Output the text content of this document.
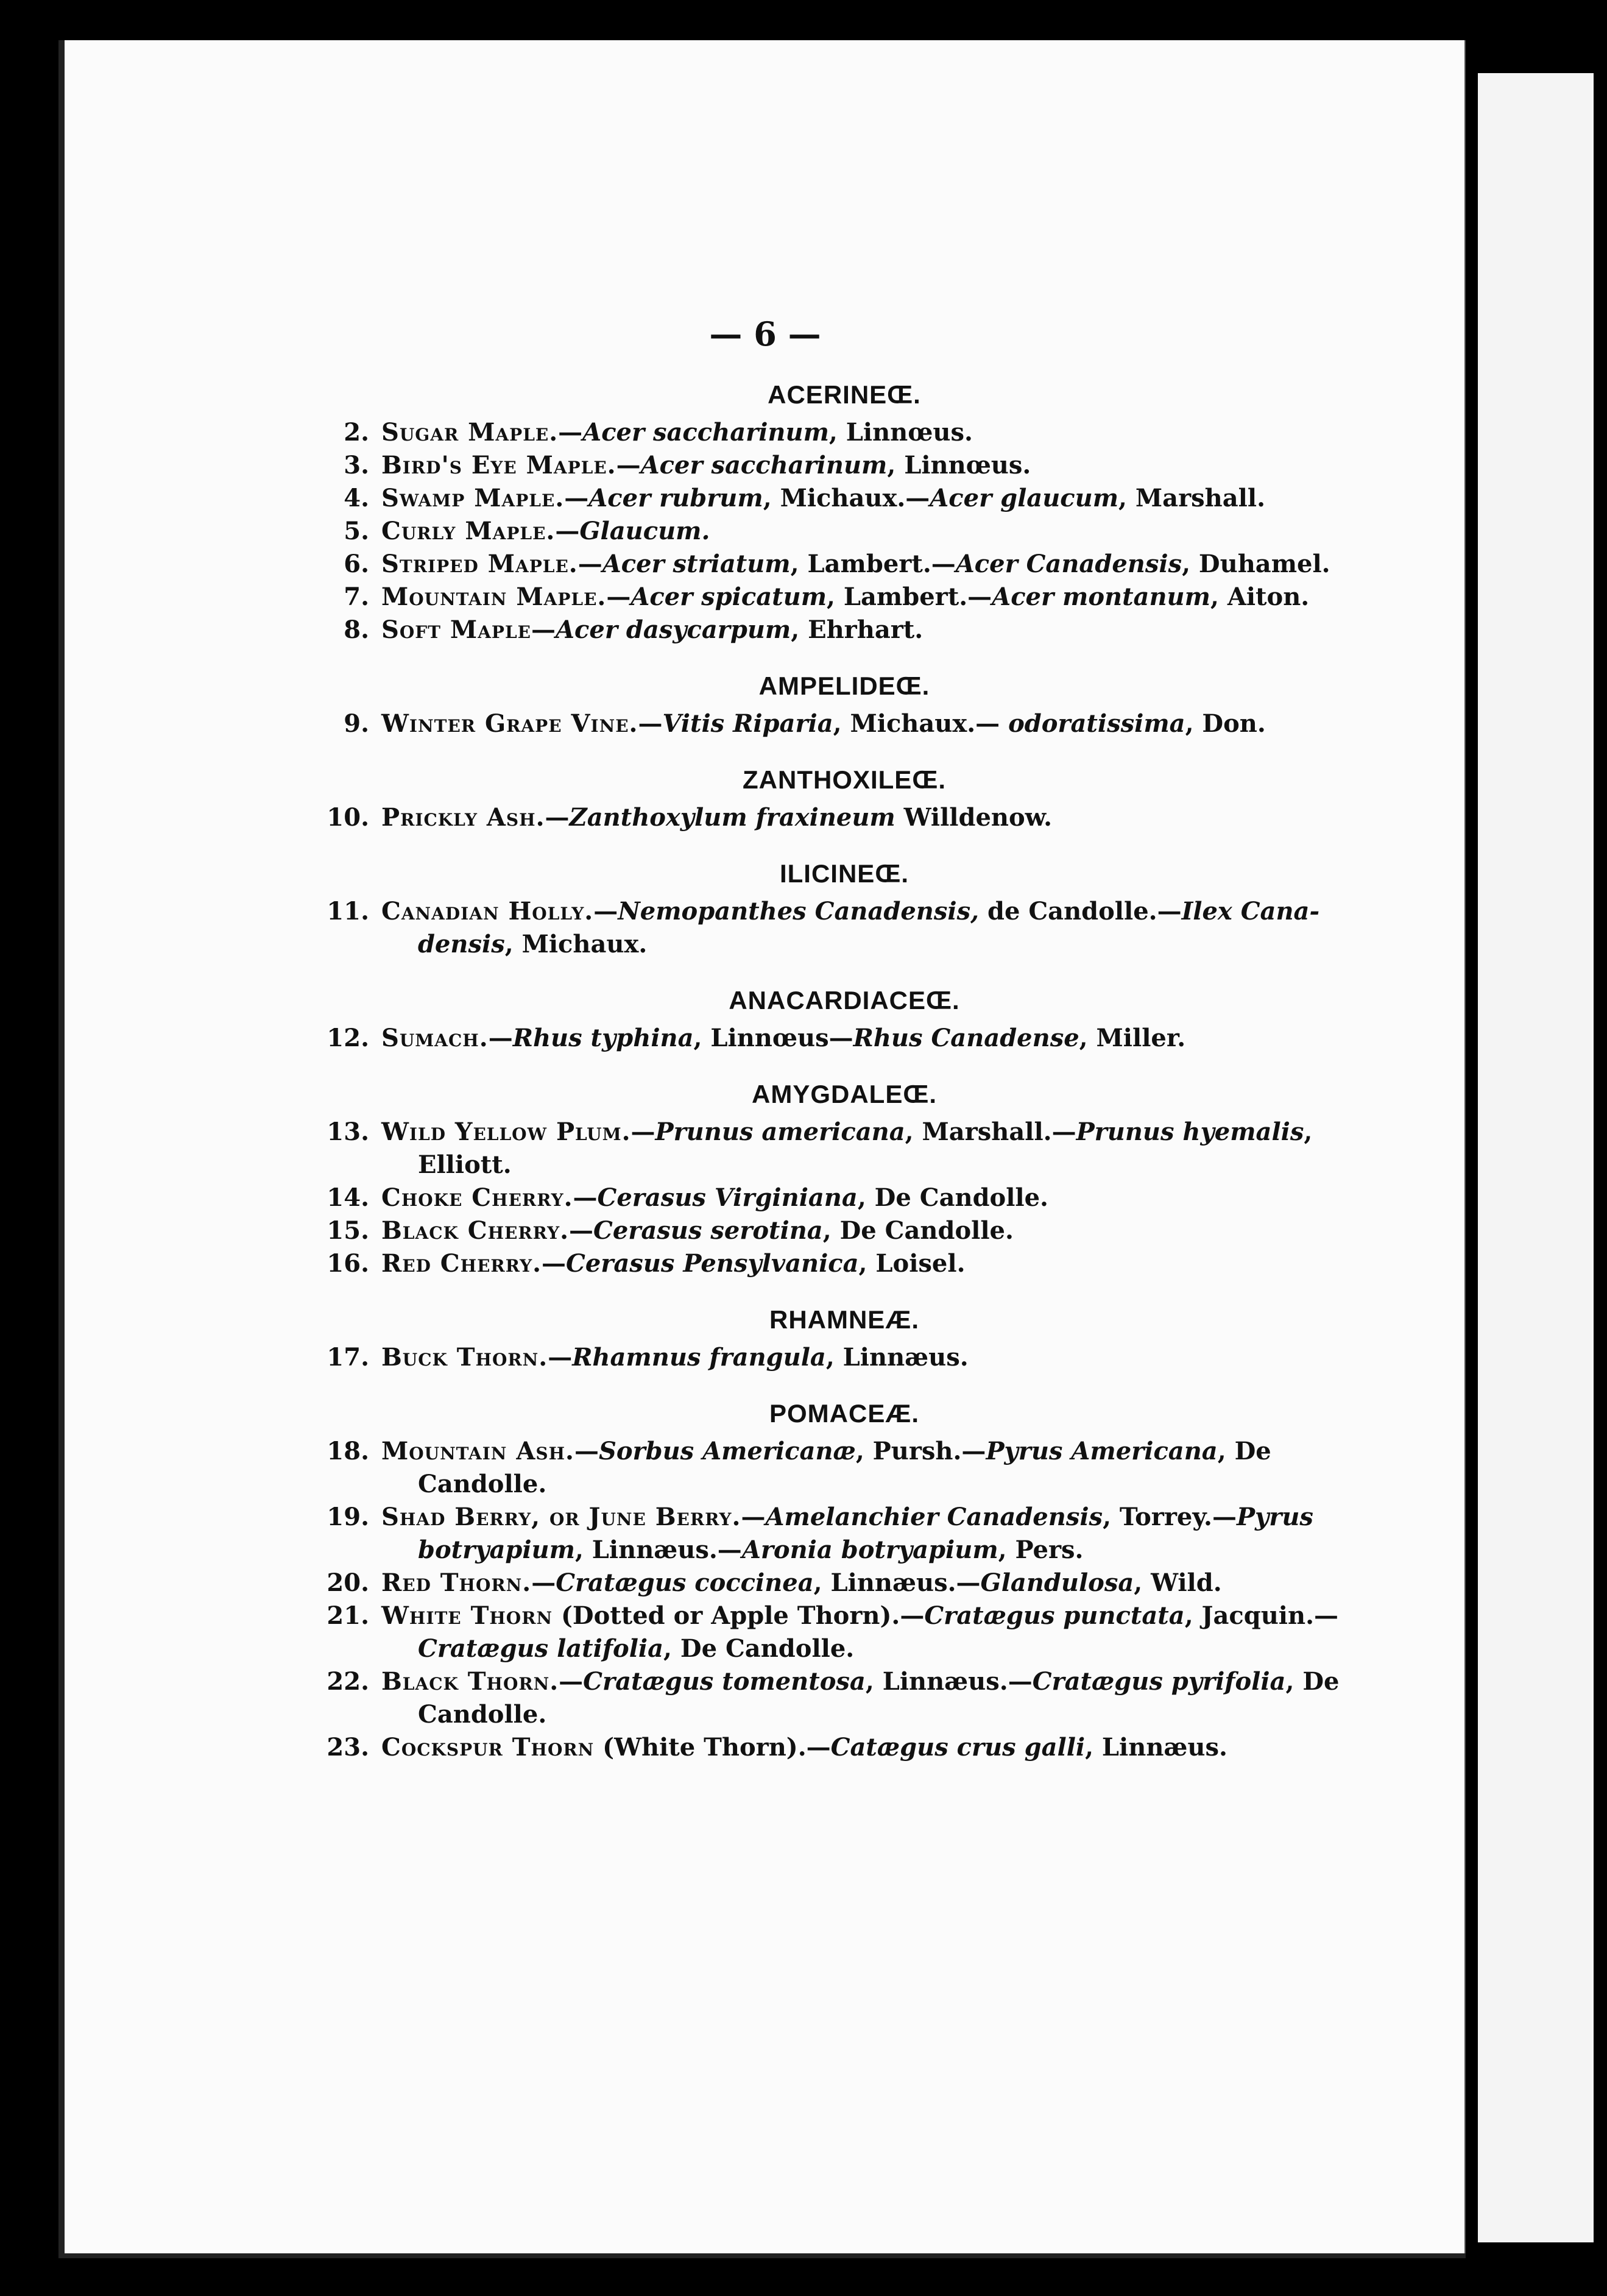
— 6 —
ACERINEŒ.
2. Sugar Maple.—Acer saccharinum, Linnœus.
3. Bird's Eye Maple.—Acer saccharinum, Linnœus.
4. Swamp Maple.—Acer rubrum, Michaux.—Acer glaucum, Marshall.
5. Curly Maple.—Glaucum.
6. Striped Maple.—Acer striatum, Lambert.—Acer Canadensis, Duhamel.
7. Mountain Maple.—Acer spicatum, Lambert.—Acer montanum, Aiton.
8. Soft Maple—Acer dasycarpum, Ehrhart.
AMPELIDEŒ.
9. Winter Grape Vine.—Vitis Riparia, Michaux.— odoratissima, Don.
ZANTHOXILEŒ.
10. Prickly Ash.—Zanthoxylum fraxineum Willdenow.
ILICINEŒ.
11. Canadian Holly.—Nemopanthes Canadensis, de Candolle.—Ilex Cana-
densis, Michaux.
ANACARDIACEŒ.
12. Sumach.—Rhus typhina, Linnœus—Rhus Canadense, Miller.
AMYGDALEŒ.
13. Wild Yellow Plum.—Prunus americana, Marshall.—Prunus hyemalis,
Elliott.
14. Choke Cherry.—Cerasus Virginiana, De Candolle.
15. Black Cherry.—Cerasus serotina, De Candolle.
16. Red Cherry.—Cerasus Pensylvanica, Loisel.
RHAMNEÆ.
17. Buck Thorn.—Rhamnus frangula, Linnæus.
POMACEÆ.
18. Mountain Ash.—Sorbus Americanæ, Pursh.—Pyrus Americana, De
Candolle.
19. Shad Berry, or June Berry.—Amelanchier Canadensis, Torrey.—Pyrus
botryapium, Linnæus.—Aronia botryapium, Pers.
20. Red Thorn.—Cratægus coccinea, Linnæus.—Glandulosa, Wild.
21. White Thorn (Dotted or Apple Thorn).—Cratægus punctata, Jacquin.—
Cratægus latifolia, De Candolle.
22. Black Thorn.—Cratægus tomentosa, Linnæus.—Cratægus pyrifolia, De
Candolle.
23. Cockspur Thorn (White Thorn).—Catægus crus galli, Linnæus.
